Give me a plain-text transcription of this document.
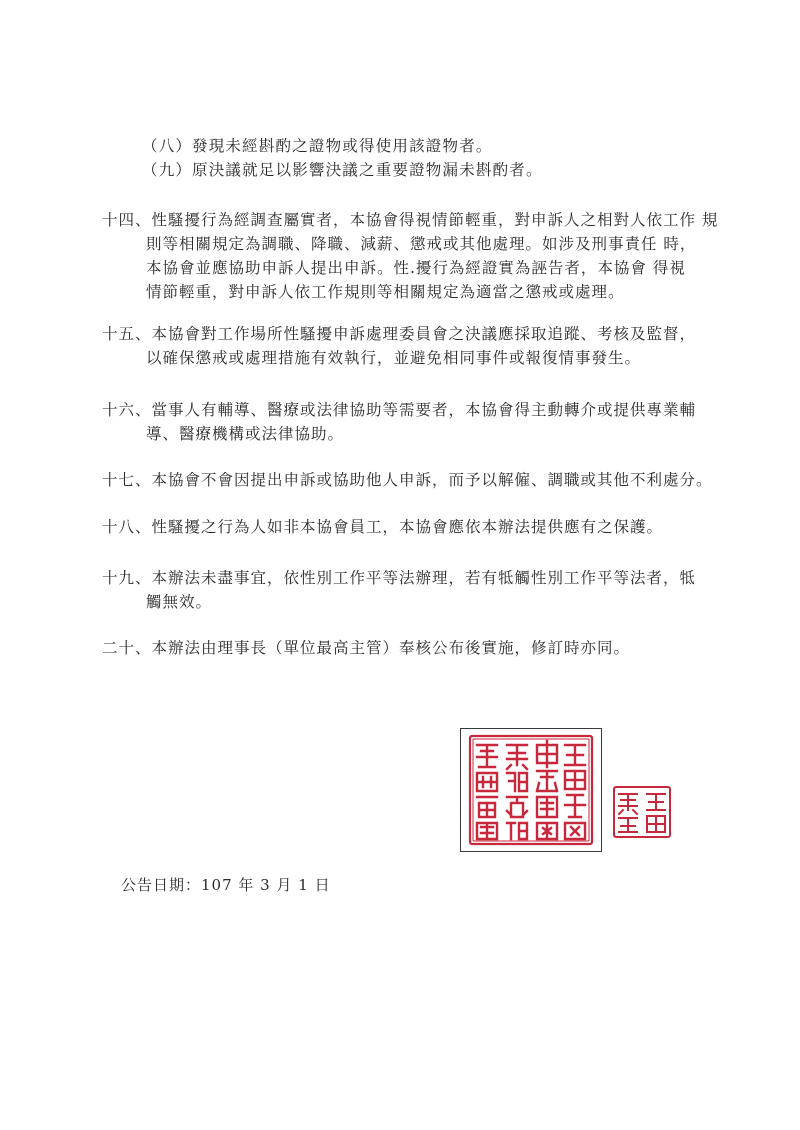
（八）發現未經斟酌之證物或得使用該證物者。
（九）原決議就足以影響決議之重要證物漏未斟酌者。
十四、性騷擾行為經調查屬實者，本協會得視情節輕重，對申訴人之相對人依工作 規
則等相關規定為調職、降職、減薪、懲戒或其他處理。如涉及刑事責任 時，
本協會並應協助申訴人提出申訴。性.擾行為經證實為誣告者，本協會 得視
情節輕重，對申訴人依工作規則等相關規定為適當之懲戒或處理。
十五、本協會對工作場所性騷擾申訴處理委員會之決議應採取追蹤、考核及監督，
以確保懲戒或處理措施有效執行，並避免相同事件或報復情事發生。
十六、當事人有輔導、醫療或法律協助等需要者，本協會得主動轉介或提供專業輔
導、醫療機構或法律協助。
十七、本協會不會因提出申訴或協助他人申訴，而予以解僱、調職或其他不利處分。
十八、性騷擾之行為人如非本協會員工，本協會應依本辦法提供應有之保護。
十九、本辦法未盡事宜，依性別工作平等法辦理，若有牴觸性別工作平等法者，牴
觸無效。
二十、本辦法由理事長（單位最高主管）奉核公布後實施，修訂時亦同。
公告日期：107 年 3 月 1 日
